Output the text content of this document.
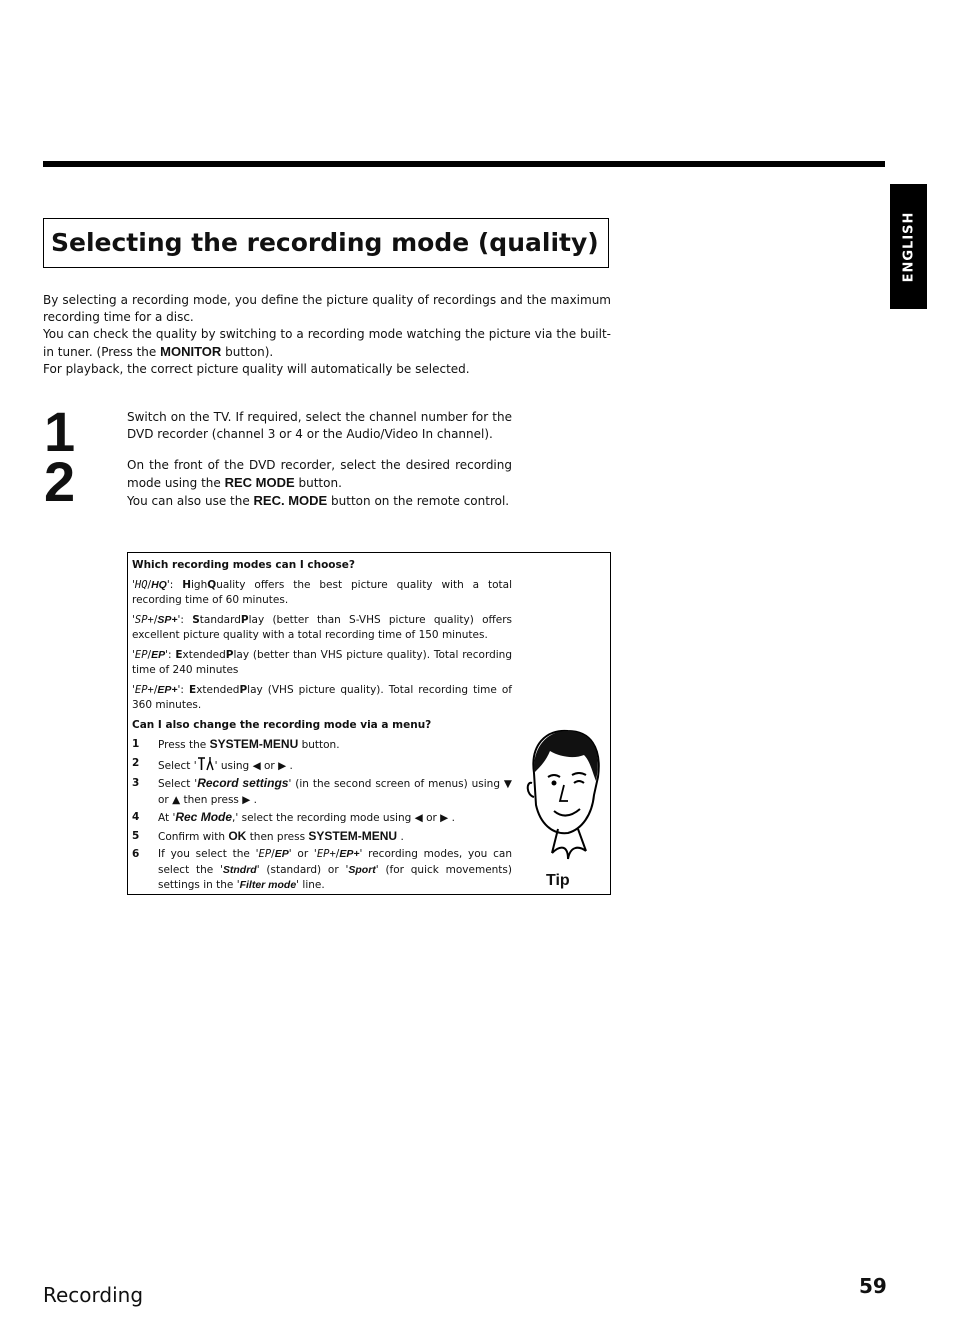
ENGLISH
Selecting the recording mode (quality)

By selecting a recording mode, you define the picture quality of recordings and the maximum recording time for a disc.

You can check the quality by switching to a recording mode watching the picture via the built-in tuner. (Press the MONITOR button).

For playback, the correct picture quality will automatically be selected.

1
2

Switch on the TV. If required, select the channel number for the DVD recorder (channel 3 or 4 or the Audio/Video In channel).

On the front of the DVD recorder, select the desired recording mode using the REC MODE button.

You can also use the REC. MODE button on the remote control.

Which recording modes can I choose?

'HQ/HQ': HighQuality offers the best picture quality with a total recording time of 60 minutes.

'SP+/SP+': StandardPlay (better than S-VHS picture quality) offers excellent picture quality with a total recording time of 150 minutes.

'EP/EP': ExtendedPlay (better than VHS picture quality). Total recording time of 240 minutes

'EP+/EP+': ExtendedPlay (VHS picture quality). Total recording time of 360 minutes.

Can I also change the recording mode via a menu?

1 Press the SYSTEM-MENU button.
2 Select ' ' using ◀ or ▶ .
3 Select 'Record settings' (in the second screen of menus) using ▼ or ▲ then press ▶ .
4 At 'Rec Mode,' select the recording mode using ◀ or ▶ .
5 Confirm with OK then press SYSTEM-MENU .
6 If you select the 'EP/EP' or 'EP+/EP+' recording modes, you can select the 'Stndrd' (standard) or 'Sport' (for quick movements) settings in the 'Filter mode' line.	Tip
Recording	59
